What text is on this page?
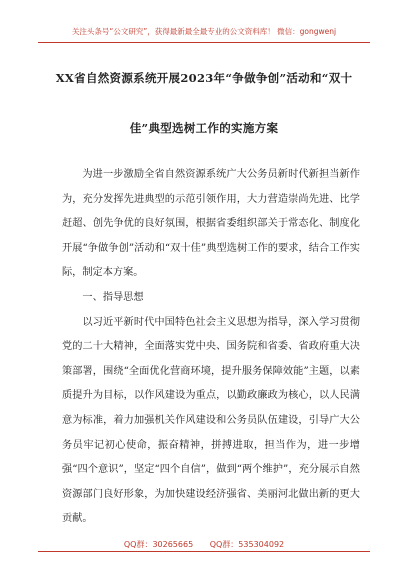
关注头条号“公文研究”，获得最新最全最专业的公文资料库！ 微信：gongwenj
XX省自然资源系统开展2023年“争做争创”活动和“双十
佳”典型选树工作的实施方案

为进一步激励全省自然资源系统广大公务员新时代新担当新作为，充分发挥先进典型的示范引领作用，大力营造崇尚先进、比学赶超、创先争优的良好氛围，根据省委组织部关于常态化、制度化开展“争做争创”活动和“双十佳”典型选树工作的要求，结合工作实际，制定本方案。

一、指导思想

以习近平新时代中国特色社会主义思想为指导，深入学习贯彻党的二十大精神，全面落实党中央、国务院和省委、省政府重大决策部署，围绕“全面优化营商环境，提升服务保障效能”主题，以素质提升为目标，以作风建设为重点，以勤政廉政为核心，以人民满意为标准，着力加强机关作风建设和公务员队伍建设，引导广大公务员牢记初心使命，振奋精神，拼搏进取，担当作为，进一步增强“四个意识”，坚定“四个自信”，做到“两个维护”，充分展示自然资源部门良好形象，为加快建设经济强省、美丽河北做出新的更大贡献。

QQ群：30265665 QQ群：535304092
